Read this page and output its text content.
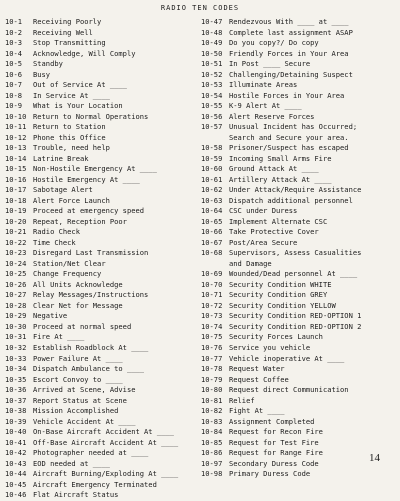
RADIO TEN CODES
10-1	Receiving Poorly
10-2	Receiving Well
10-3	Stop Transmitting
10-4	Acknowledge, Will Comply
10-5	Standby
10-6	Busy
10-7	Out of Service At ____
10-8	In Service At ____
10-9	What is Your Location
10-10 Return to Normal Operations
10-11 Return to Station
10-12 Phone this Office
10-13 Trouble, need help
10-14 Latrine Break
10-15 Non-Hostile Emergency At ____
10-16 Hostile Emergency At ____
10-17 Sabotage Alert
10-18 Alert Force Launch
10-19 Proceed at emergency speed
10-20 Repeat, Reception Poor
10-21 Radio Check
10-22 Time Check
10-23 Disregard Last Transmission
10-24 Station/Net Clear
10-25 Change Frequency
10-26 All Units Acknowledge
10-27 Relay Messages/Instructions
10-28 Clear Net for Message
10-29 Negative
10-30 Proceed at normal speed
10-31 Fire At ____
10-32 Establish Roadblock At ____
10-33 Power Failure At ____
10-34 Dispatch Ambulance to ____
10-35 Escort Convoy to ____
10-36 Arrived at Scene, Advise
10-37 Report Status at Scene
10-38 Mission Accomplished
10-39 Vehicle Accident At ____
10-40 On-Base Aircraft Accident At ____
10-41 Off-Base Aircraft Accident At ____
10-42 Photographer needed at ____
10-43 EOD needed at ____
10-44 Aircraft Burning/Exploding At ____
10-45 Aircraft Emergency Terminated
10-46 Flat Aircraft Status
10-47 Rendezvous With ____ at ____
10-48 Complete last assignment ASAP
10-49 Do you copy?/ Do copy
10-50 Friendly Forces in Your Area
10-51 In Post ____ Secure
10-52 Challenging/Detaining Suspect
10-53 Illuminate Areas
10-54 Hostile Forces in Your Area
10-55 K-9 Alert At ____
10-56 Alert Reserve Forces
10-57 Unusual Incident has Occurred;
Search and Secure your area.
10-58 Prisoner/Suspect has escaped
10-59 Incoming Small Arms Fire
10-60 Ground Attack At ____
10-61 Artillery Attack At ____
10-62 Under Attack/Require Assistance
10-63 Dispatch additional personnel
10-64 CSC under Duress
10-65 Implement Alternate CSC
10-66 Take Protective Cover
10-67 Post/Area Secure
10-68 Supervisors, Assess Casualities
and Damage
10-69 Wounded/Dead personnel At ____
10-70 Security Condition WHITE
10-71 Security Condition GREY
10-72 Security Condition YELLOW
10-73 Security Condition RED-OPTION 1
10-74 Security Condition RED-OPTION 2
10-75 Security Forces Launch
10-76 Service you vehicle
10-77 Vehicle inoperative At ____
10-78 Request Water
10-79 Request Coffee
10-80 Request direct Communication
10-81 Relief
10-82 Fight At ____
10-83 Assignment Completed
10-84 Request for Recon Fire
10-85 Request for Test Fire
10-86 Request for Range Fire
10-97 Secondary Duress Code
10-98 Primary Duress Code
14
